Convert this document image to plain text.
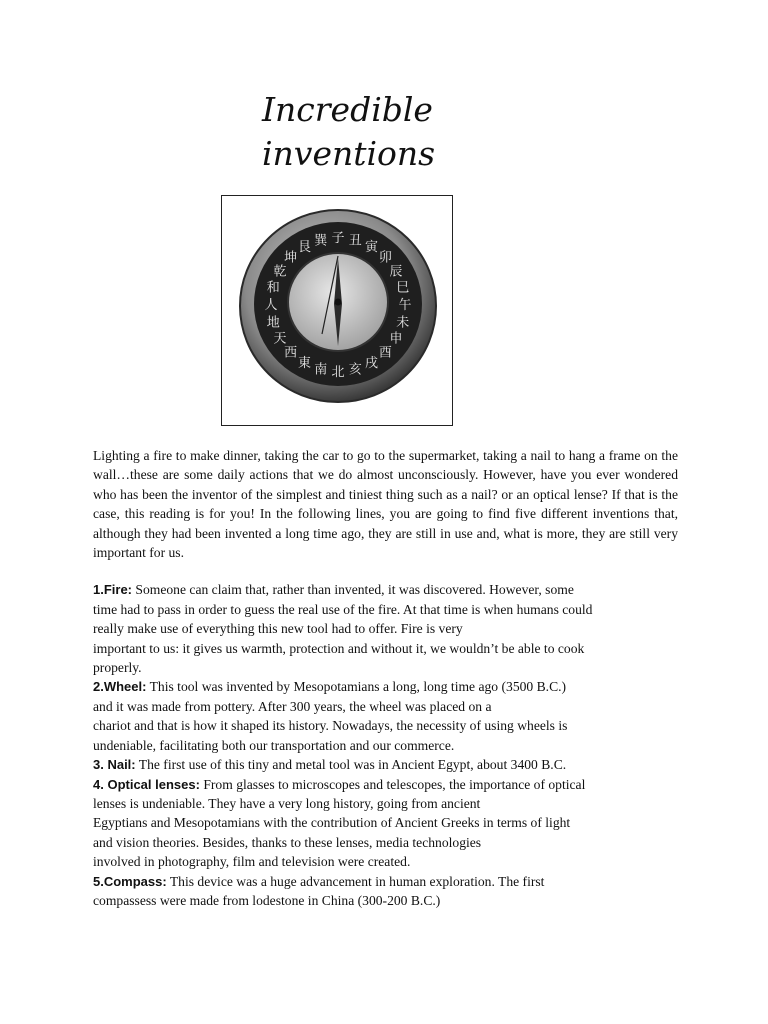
Incredible
inventions
子 丑 寅
卯
辰
巳
午
未
申
酉
戌
亥
北
南
東
西
天
地
人
和
乾
坤
艮 巽

Lighting a fire to make dinner, taking the car to go to the supermarket, taking a nail to hang a frame on the wall…these are some daily actions that we do almost unconsciously. However, have you ever wondered who has been the inventor of the simplest and tiniest thing such as a nail? or an optical lense? If that is the case, this reading is for you! In the following lines, you are going to find five different inventions that, although they had been invented a long time ago, they are still in use and, what is more, they are still very important for us.

1.Fire: Someone can claim that, rather than invented, it was discovered. However, some
time had to pass in order to guess the real use of the fire. At that time is when humans could
really make use of everything this new tool had to offer. Fire is very
important to us: it gives us warmth, protection and without it, we wouldn’t be able to cook
properly.

2.Wheel: This tool was invented by Mesopotamians a long, long time ago (3500 B.C.)
and it was made from pottery. After 300 years, the wheel was placed on a
chariot and that is how it shaped its history. Nowadays, the necessity of using wheels is
undeniable, facilitating both our transportation and our commerce.

3. Nail: The first use of this tiny and metal tool was in Ancient Egypt, about 3400 B.C.

4. Optical lenses: From glasses to microscopes and telescopes, the importance of optical
lenses is undeniable. They have a very long history, going from ancient
Egyptians and Mesopotamians with the contribution of Ancient Greeks in terms of light
and vision theories. Besides, thanks to these lenses, media technologies
involved in photography, film and television were created.

5.Compass: This device was a huge advancement in human exploration. The first
compassess were made from lodestone in China (300-200 B.C.)
